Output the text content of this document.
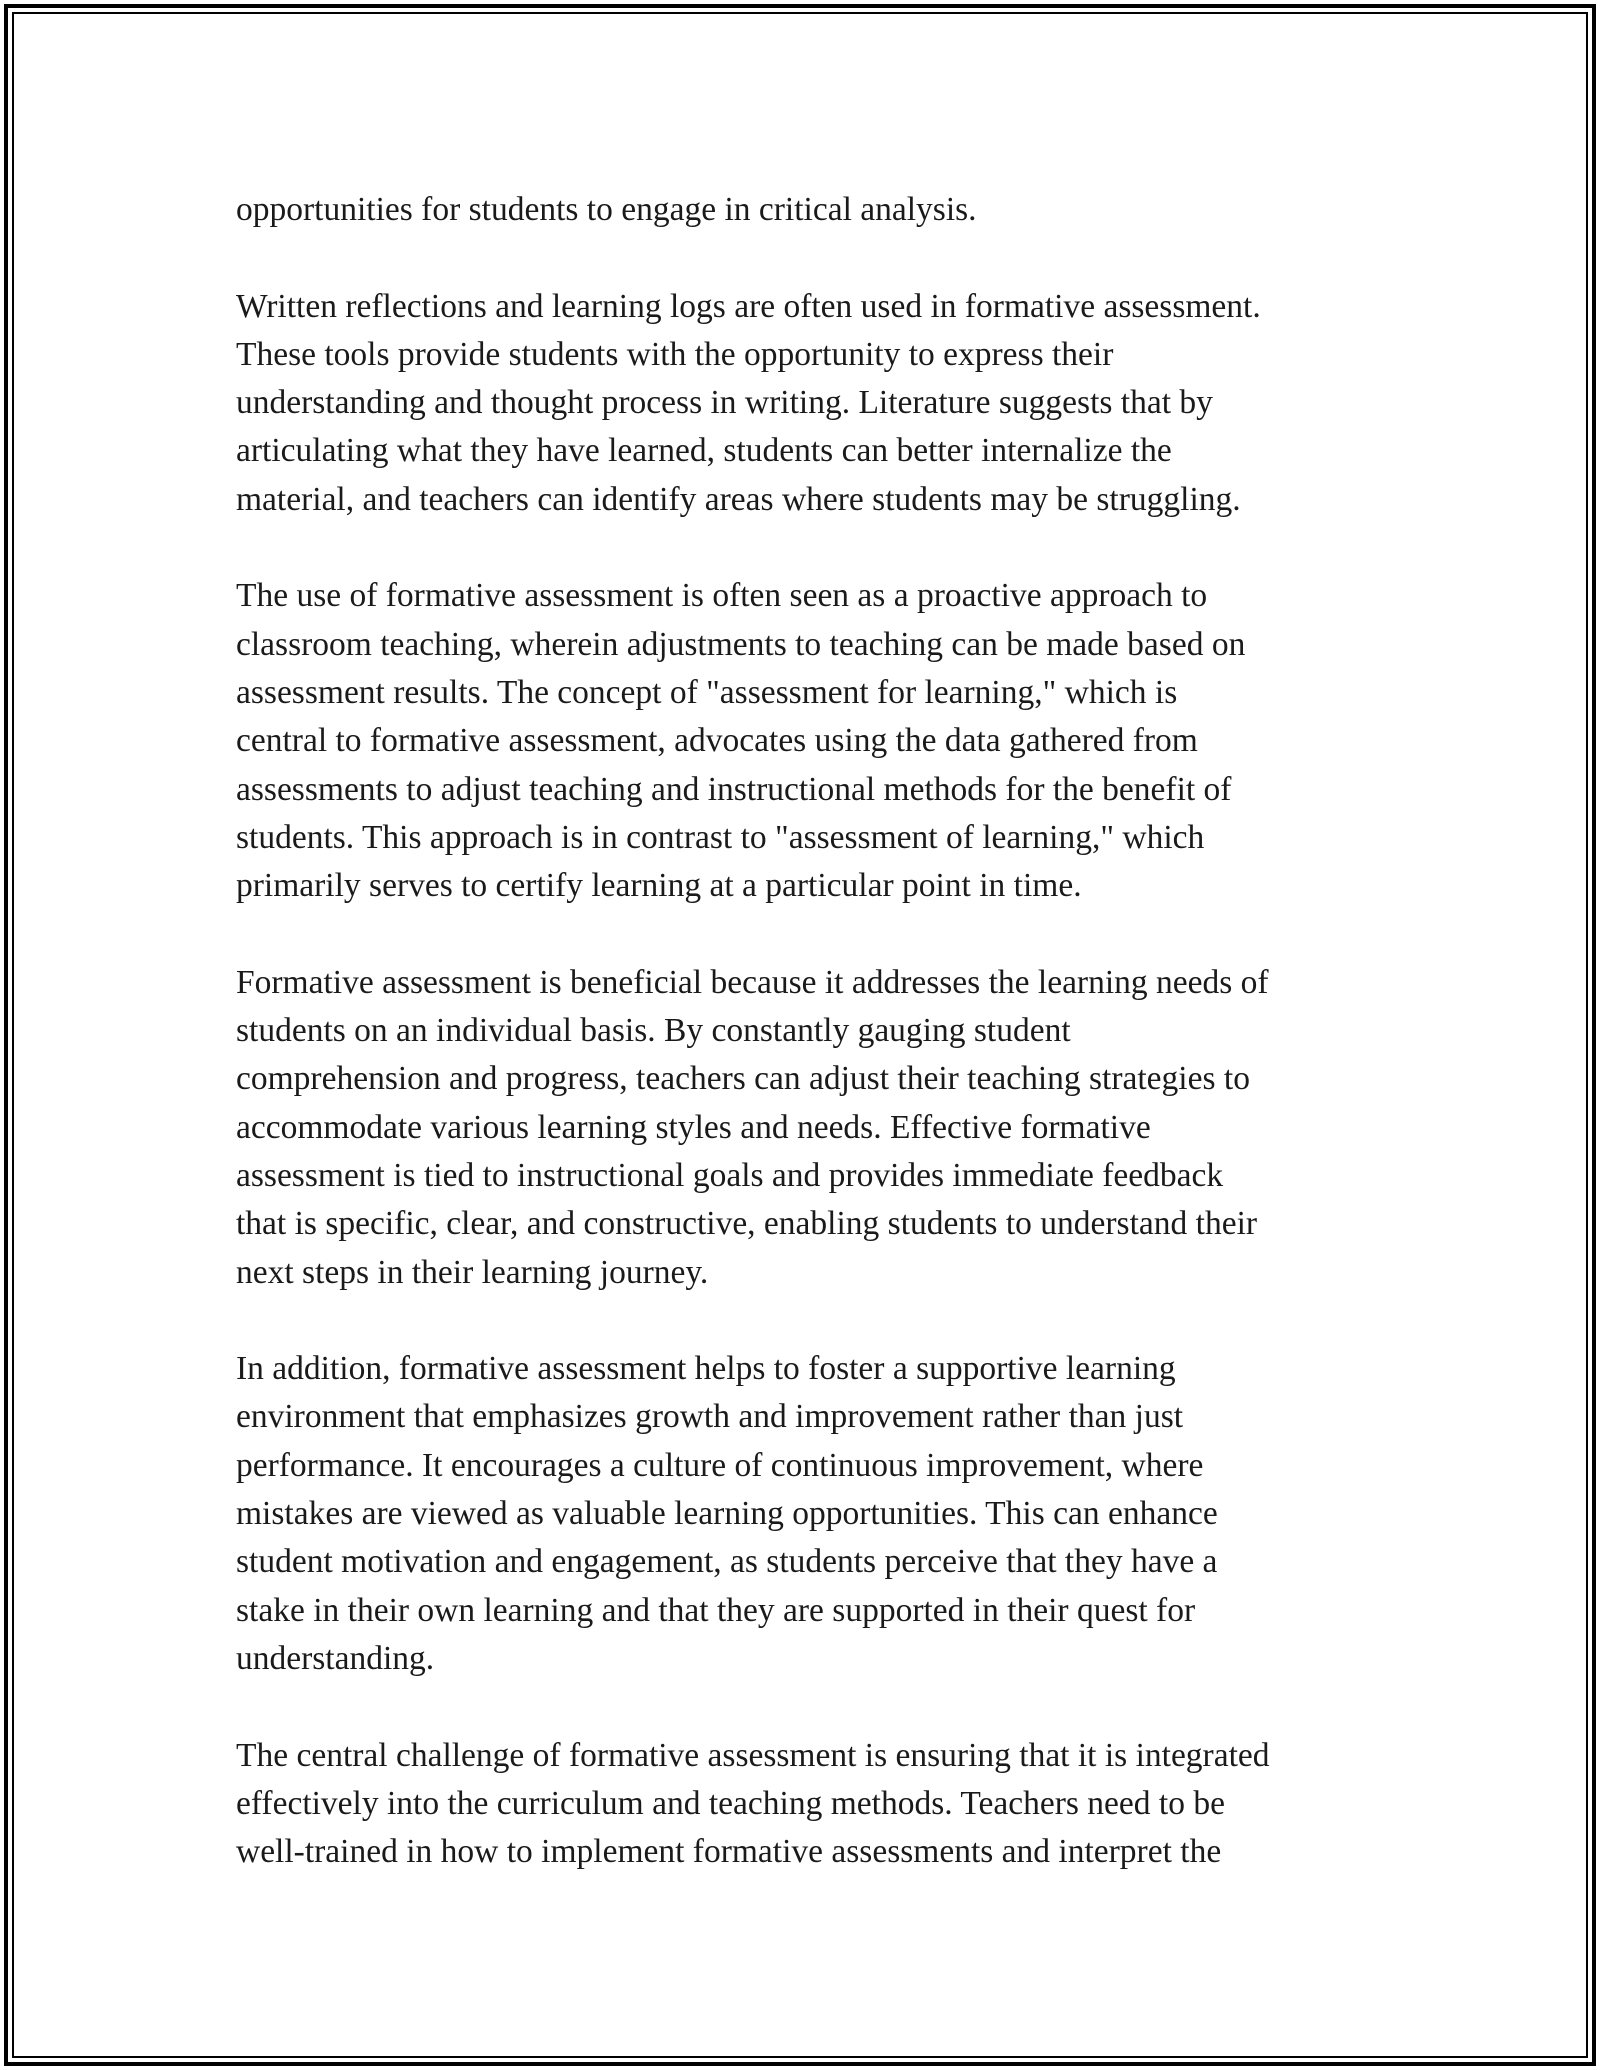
opportunities for students to engage in critical analysis.

Written reflections and learning logs are often used in formative assessment.
These tools provide students with the opportunity to express their
understanding and thought process in writing. Literature suggests that by
articulating what they have learned, students can better internalize the
material, and teachers can identify areas where students may be struggling.

The use of formative assessment is often seen as a proactive approach to
classroom teaching, wherein adjustments to teaching can be made based on
assessment results. The concept of "assessment for learning," which is
central to formative assessment, advocates using the data gathered from
assessments to adjust teaching and instructional methods for the benefit of
students. This approach is in contrast to "assessment of learning," which
primarily serves to certify learning at a particular point in time.

Formative assessment is beneficial because it addresses the learning needs of
students on an individual basis. By constantly gauging student
comprehension and progress, teachers can adjust their teaching strategies to
accommodate various learning styles and needs. Effective formative
assessment is tied to instructional goals and provides immediate feedback
that is specific, clear, and constructive, enabling students to understand their
next steps in their learning journey.

In addition, formative assessment helps to foster a supportive learning
environment that emphasizes growth and improvement rather than just
performance. It encourages a culture of continuous improvement, where
mistakes are viewed as valuable learning opportunities. This can enhance
student motivation and engagement, as students perceive that they have a
stake in their own learning and that they are supported in their quest for
understanding.

The central challenge of formative assessment is ensuring that it is integrated
effectively into the curriculum and teaching methods. Teachers need to be
well-trained in how to implement formative assessments and interpret the
